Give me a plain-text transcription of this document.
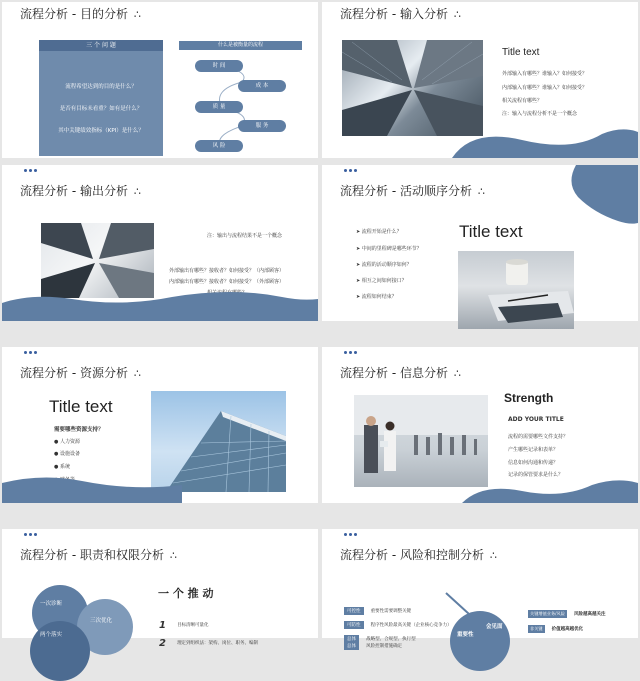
流程分析 - 目的分析 ∴
三 个 问 题
流程希望达到的目的是什么？
是否有目标未看重？如有是什么？
其中关键绩效指标（KPI）是什么？
什么是被衡量的流程
时 间
成 本
质 量
服 务
风 险
流程分析 - 输入分析 ∴
Title text
外部输入有哪些？谁输入？如何接受？
内部输入有哪些？谁输入？如何接受？
相关流程有哪些？
注：输入与流程分析不是一个概念
流程分析 - 输出分析 ∴
注：输出与流程结果不是一个概念
外部输出有哪些？接收者？如何接受？（内部顾客）
内部输出有哪些？接收者？如何接受？（外部顾客）
流程分析 - 活动顺序分析 ∴
➤ 流程开始是什么？
➤ 中间的里程碑是哪些环节？
➤ 流程的活动顺序如何？
➤ 相互之间如何接口？
➤ 流程如何结束？
Title text
流程分析 - 资源分析 ∴
Title text
需要哪些资源支持？
● 人力资源
● 设施设备
● 系统
流程分析 - 信息分析 ∴
Strength
ADD YOUR TITLE
流程的需要哪些文件支持？
产生哪些记录和表单？
信息如何沟通和传递？
记录的保管要求是什么？
流程分析 - 职责和权限分析 ∴
一次诊断
三次优化
两个落实
一 个 推 动
1 目标清晰可量化
2 理定到组织法：架构、岗位、职务、编制
流程分析 - 风险和控制分析 ∴
可控性 重要性需要调整关键
可防性 程序性风险最高关键（企业核心竞争力）
总体 战略型、合规型、执行型
总体 风险控制措施确定
重要性
会见面
关键增值业务/风险 风险越高越关注
非关键 价值越高越优化
